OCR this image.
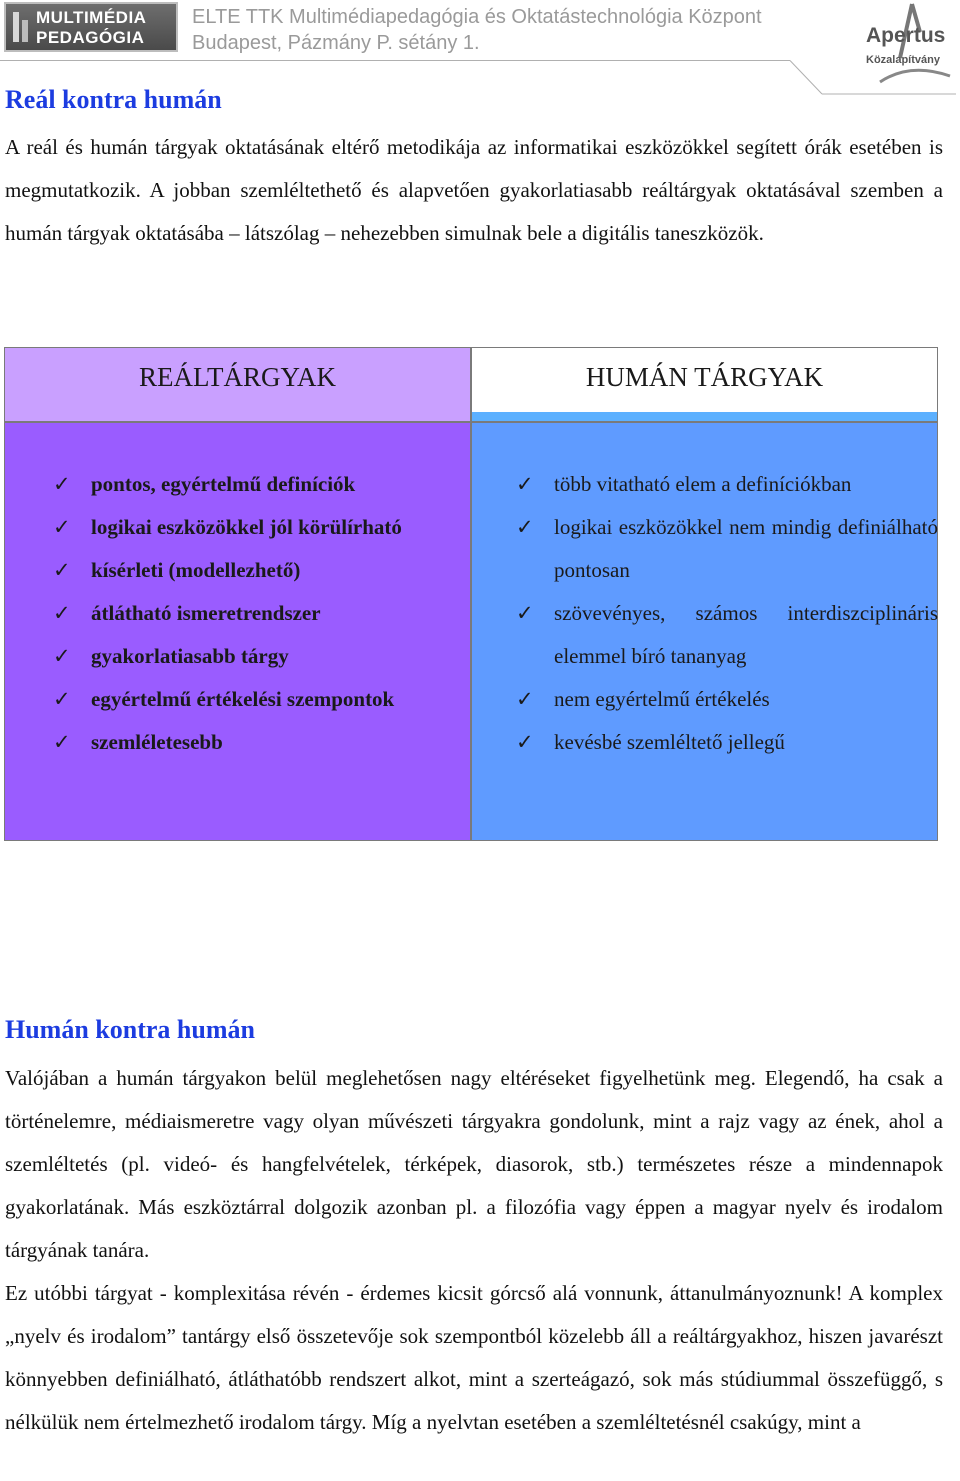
MULTIMÉDIA
PEDAGÓGIA
ELTE TTK Multimédiapedagógia és Oktatástechnológia Központ
Budapest, Pázmány P. sétány 1.	Apertus
Közalapítvány
Reál kontra humán

A reál és humán tárgyak oktatásának eltérő metodikája az informatikai eszközökkel segített órák esetében is megmutatkozik. A jobban szemléltethető és alapvetően gyakorlatiasabb reáltárgyak oktatásával szemben a humán tárgyak oktatásába – látszólag – nehezebben simulnak bele a digitális taneszközök.

REÁLTÁRGYAK	HUMÁN TÁRGYAK
✓ pontos, egyértelmű definíciók
✓ logikai eszközökkel jól körülírható
✓ kísérleti (modellezhető)
✓ átlátható ismeretrendszer
✓ gyakorlatiasabb tárgy
✓ egyértelmű értékelési szempontok
✓ szemléletesebb
✓ több vitatható elem a definíciókban
✓ logikai eszközökkel nem mindig definiálható pontosan
✓ szövevényes, számos interdiszciplináris elemmel bíró tananyag
✓ nem egyértelmű értékelés
✓ kevésbé szemléltető jellegű
Humán kontra humán

Valójában a humán tárgyakon belül meglehetősen nagy eltéréseket figyelhetünk meg. Elegendő, ha csak a történelemre, médiaismeretre vagy olyan művészeti tárgyakra gondolunk, mint a rajz vagy az ének, ahol a szemléltetés (pl. videó- és hangfelvételek, térképek, diasorok, stb.) természetes része a mindennapok gyakorlatának. Más eszköztárral dolgozik azonban pl. a filozófia vagy éppen a magyar nyelv és irodalom tárgyának tanára.

Ez utóbbi tárgyat - komplexitása révén - érdemes kicsit górcső alá vonnunk, áttanulmányoznunk! A komplex „nyelv és irodalom” tantárgy első összetevője sok szempontból közelebb áll a reáltárgyakhoz, hiszen javarészt könnyebben definiálható, átláthatóbb rendszert alkot, mint a szerteágazó, sok más stúdiummal összefüggő, s nélkülük nem értelmezhető irodalom tárgy. Míg a nyelvtan esetében a szemléltetésnél csakúgy, mint a
